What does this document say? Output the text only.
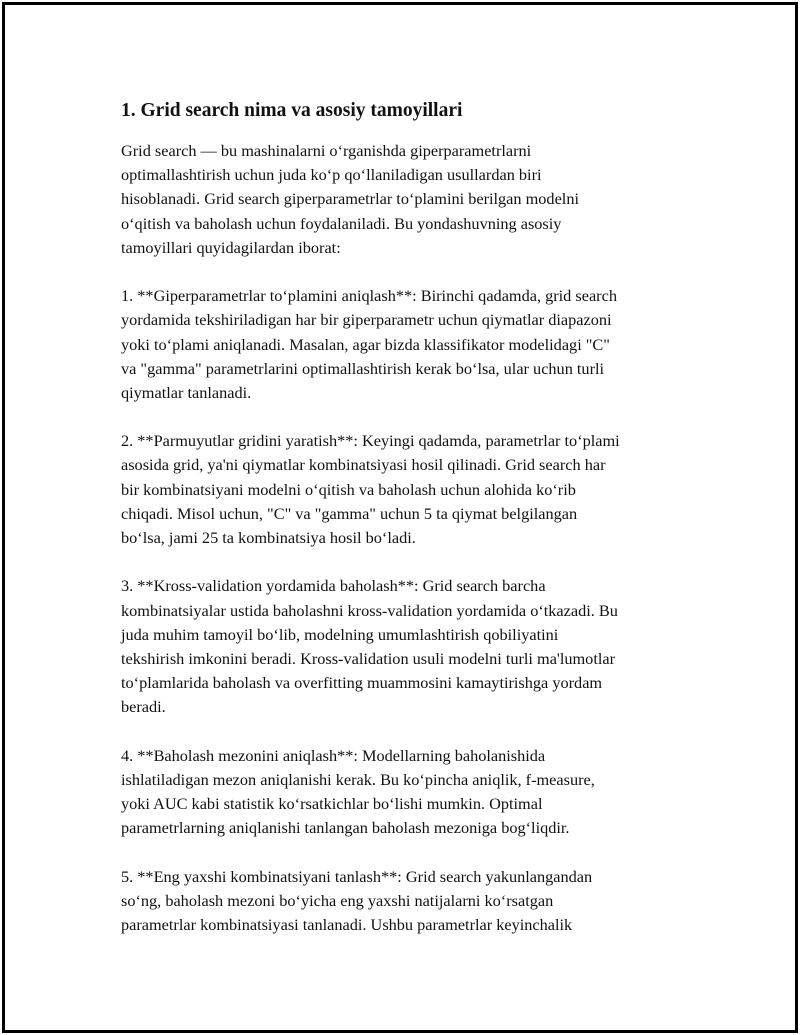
1. Grid search nima va asosiy tamoyillari
Grid search — bu mashinalarni oʻrganishda giperparametrlarni
optimallashtirish uchun juda koʻp qoʻllaniladigan usullardan biri
hisoblanadi. Grid search giperparametrlar toʻplamini berilgan modelni
oʻqitish va baholash uchun foydalaniladi. Bu yondashuvning asosiy
tamoyillari quyidagilardan iborat:
1. **Giperparametrlar toʻplamini aniqlash**: Birinchi qadamda, grid search
yordamida tekshiriladigan har bir giperparametr uchun qiymatlar diapazoni
yoki toʻplami aniqlanadi. Masalan, agar bizda klassifikator modelidagi "C"
va "gamma" parametrlarini optimallashtirish kerak boʻlsa, ular uchun turli
qiymatlar tanlanadi.
2. **Parmuyutlar gridini yaratish**: Keyingi qadamda, parametrlar toʻplami
asosida grid, ya'ni qiymatlar kombinatsiyasi hosil qilinadi. Grid search har
bir kombinatsiyani modelni oʻqitish va baholash uchun alohida koʻrib
chiqadi. Misol uchun, "C" va "gamma" uchun 5 ta qiymat belgilangan
boʻlsa, jami 25 ta kombinatsiya hosil boʻladi.
3. **Kross-validation yordamida baholash**: Grid search barcha
kombinatsiyalar ustida baholashni kross-validation yordamida oʻtkazadi. Bu
juda muhim tamoyil boʻlib, modelning umumlashtirish qobiliyatini
tekshirish imkonini beradi. Kross-validation usuli modelni turli ma'lumotlar
toʻplamlarida baholash va overfitting muammosini kamaytirishga yordam
beradi.
4. **Baholash mezonini aniqlash**: Modellarning baholanishida
ishlatiladigan mezon aniqlanishi kerak. Bu koʻpincha aniqlik, f-measure,
yoki AUC kabi statistik koʻrsatkichlar boʻlishi mumkin. Optimal
parametrlarning aniqlanishi tanlangan baholash mezoniga bogʻliqdir.
5. **Eng yaxshi kombinatsiyani tanlash**: Grid search yakunlangandan
soʻng, baholash mezoni boʻyicha eng yaxshi natijalarni koʻrsatgan
parametrlar kombinatsiyasi tanlanadi. Ushbu parametrlar keyinchalik
